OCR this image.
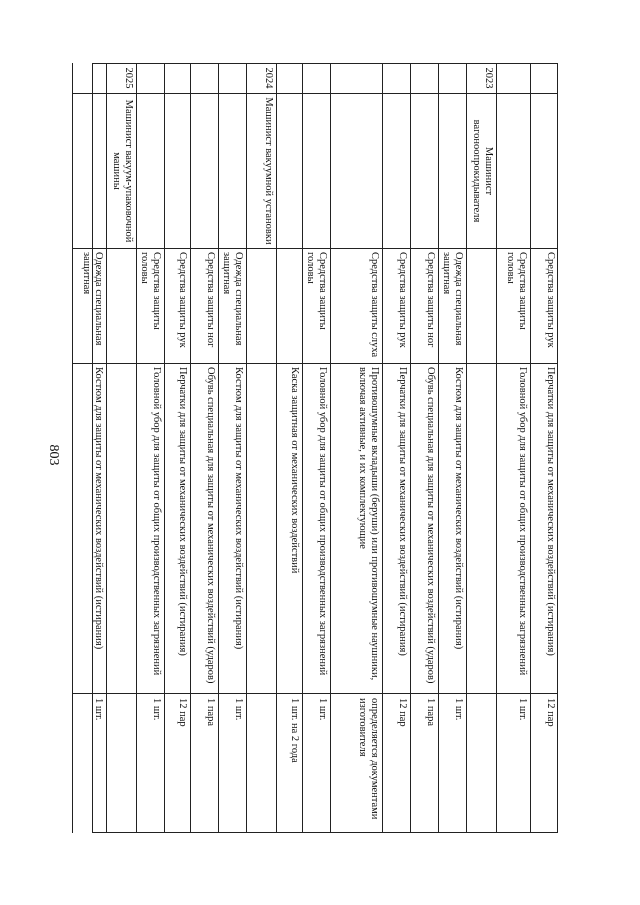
803
Средства защиты рук
Перчатки для защиты от механических воздействий (истирания)
12 пар
Средства защиты головы
Головной убор для защиты от общих производственных загрязнений
1 шт.
2023
Машинист вагоноопрокидывателя
Одежда специальная защитная
Костюм для защиты от механических воздействий (истирания)
1 шт.
Средства защиты ног
Обувь специальная для защиты от механических воздействий (ударов)
1 пара
Средства защиты рук
Перчатки для защиты от механических воздействий (истирания)
12 пар
Средства защиты слуха
Противошумные вкладыши (беруши) или противошумные наушники, включая активные, и их комплектующие
определяется документами изготовителя
Средства защиты головы
Головной убор для защиты от общих производственных загрязнений
1 шт.
Каска защитная от механических воздействий
1 шт. на 2 года
2024
Машинист вакуумной установки
Одежда специальная защитная
Костюм для защиты от механических воздействий (истирания)
1 шт.
Средства защиты ног
Обувь специальная для защиты от механических воздействий (ударов)
1 пара
Средства защиты рук
Перчатки для защиты от механических воздействий (истирания)
12 пар
Средства защиты головы
Головной убор для защиты от общих производственных загрязнений
1 шт.
2025
Машинист вакуум-упаковочной машины
Одежда специальная защитная
Костюм для защиты от механических воздействий (истирания)
1 шт.
